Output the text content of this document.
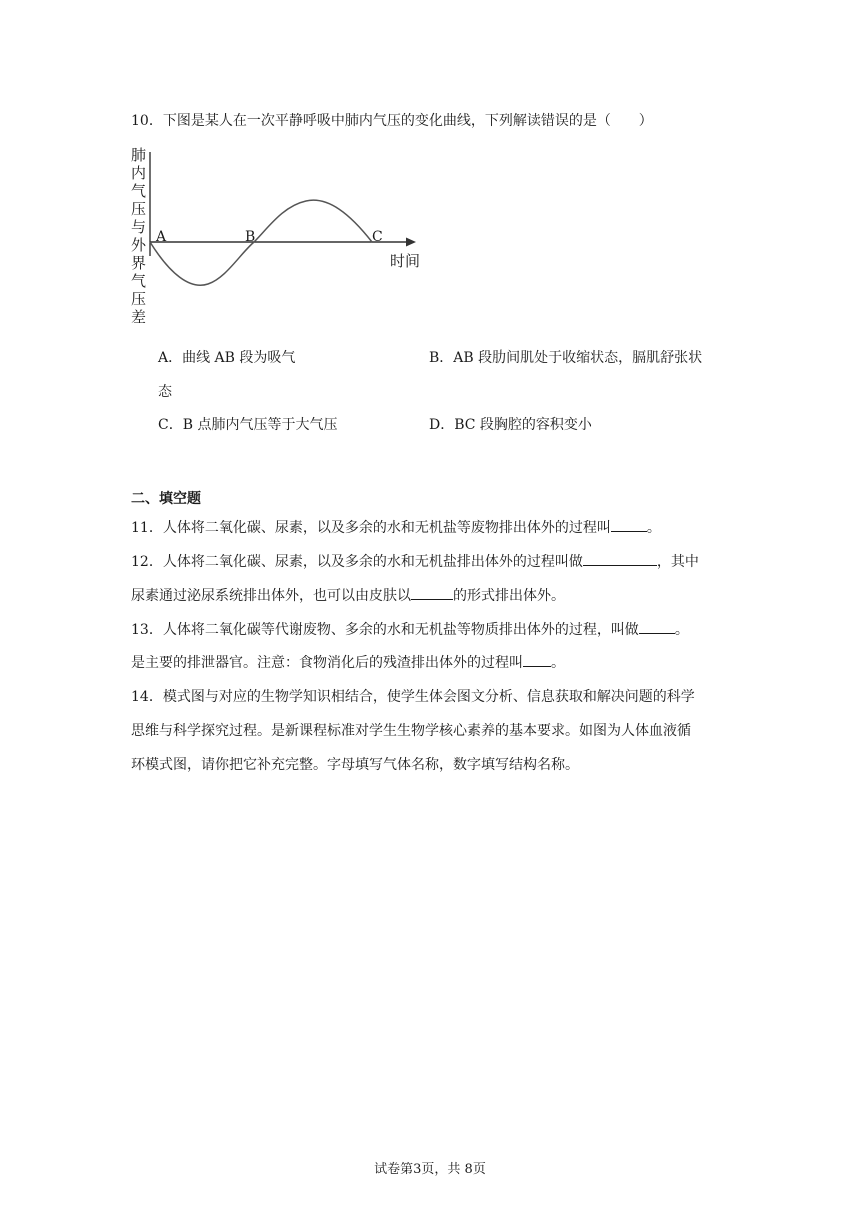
10．下图是某人在一次平静呼吸中肺内气压的变化曲线，下列解读错误的是（　　）
肺
内
气
压
与
外
界
气
压
差
A	B	C
时间
A．曲线 AB 段为吸气	B．AB 段肋间肌处于收缩状态，膈肌舒张状
态
C．B 点肺内气压等于大气压	D．BC 段胸腔的容积变小
二、填空题
11．人体将二氧化碳、尿素，以及多余的水和无机盐等废物排出体外的过程叫	。
12．人体将二氧化碳、尿素，以及多余的水和无机盐排出体外的过程叫做	，其中
尿素通过泌尿系统排出体外，也可以由皮肤以	的形式排出体外。
13．人体将二氧化碳等代谢废物、多余的水和无机盐等物质排出体外的过程，叫做	。
是主要的排泄器官。注意：食物消化后的残渣排出体外的过程叫 。
14．模式图与对应的生物学知识相结合，使学生体会图文分析、信息获取和解决问题的科学
思维与科学探究过程。是新课程标准对学生生物学核心素养的基本要求。如图为人体血液循
环模式图，请你把它补充完整。字母填写气体名称，数字填写结构名称。
试卷第3页，共 8页
